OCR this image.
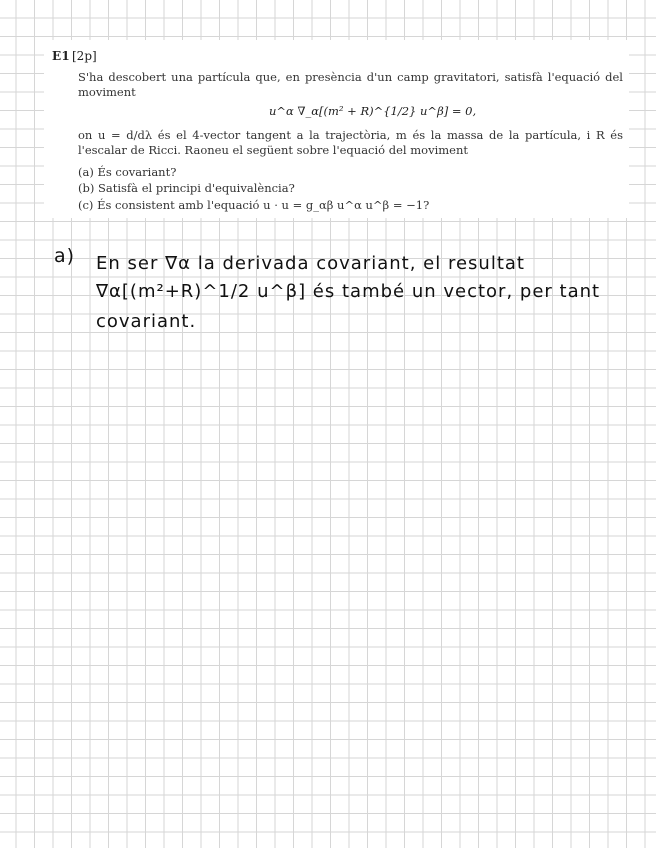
E1 [2p]
S'ha descobert una partícula que, en presència d'un camp gravitatori, satisfà l'equació del moviment
u^α ∇_α[(m² + R)^{1/2} u^β] = 0,
on u = d/dλ és el 4-vector tangent a la trajectòria, m és la massa de la partícula, i R és l'escalar de Ricci. Raoneu el següent sobre l'equació del moviment
(a) És covariant?
(b) Satisfà el principi d'equivalència?
(c) És consistent amb l'equació u · u = g_αβ u^α u^β = −1?
a) En ser ∇α la derivada covariant, el resultat
∇α[(m²+R)^1/2 u^β] és també un vector, per tant
covariant.
